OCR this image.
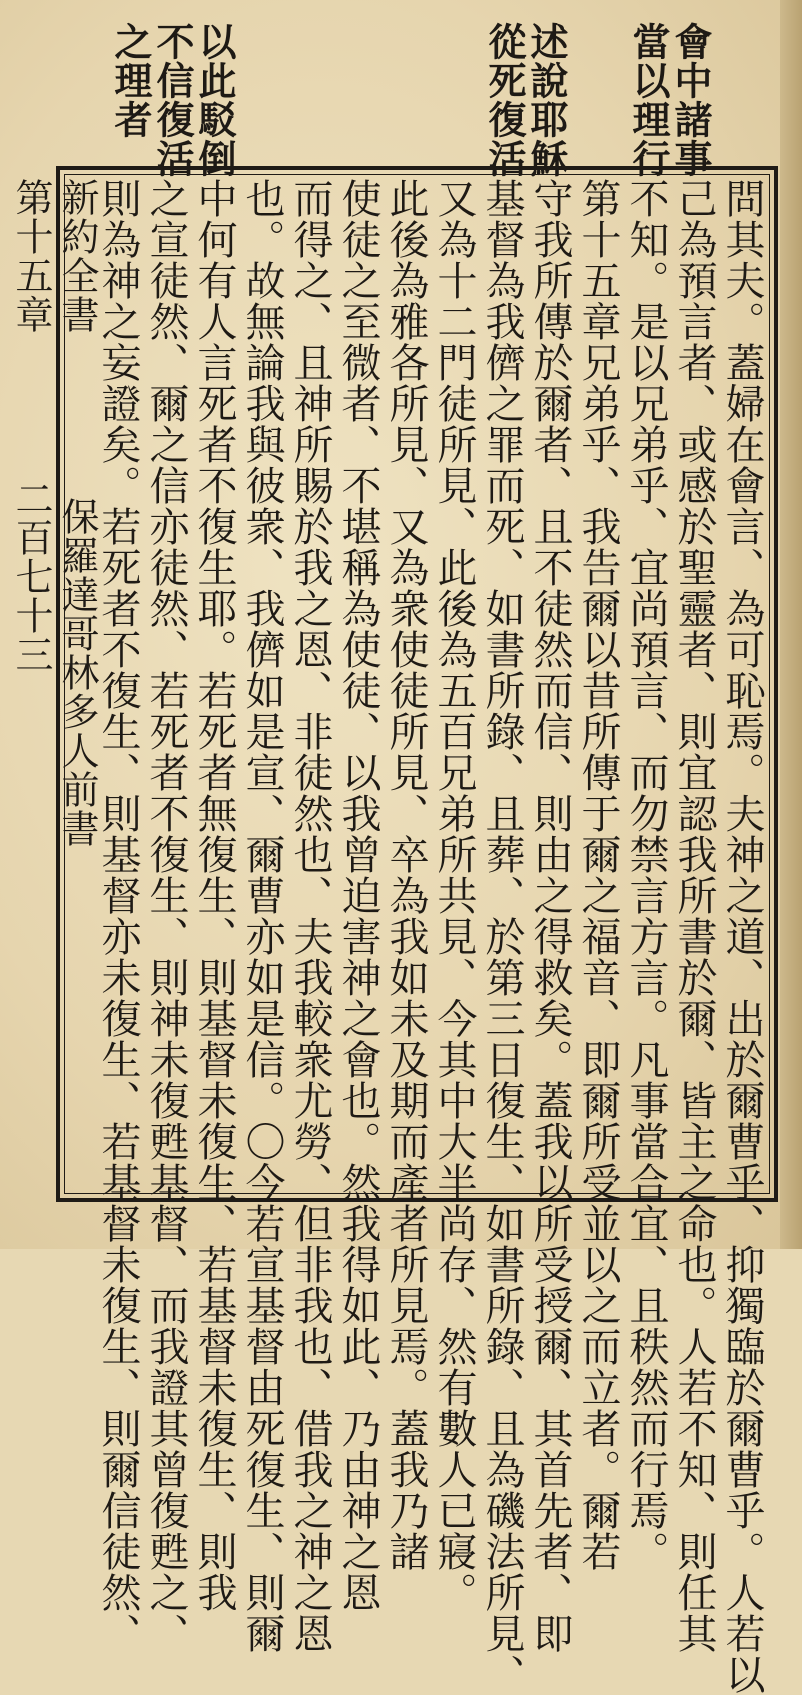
會中諸事
當以理行
述說耶穌
從死復活
以此駁倒
不信復活
之理者
問其夫。蓋婦在會言、為可恥焉。夫神之道、出於爾曹乎、抑獨臨於爾曹乎。人若以
己為預言者、或感於聖靈者、則宜認我所書於爾、皆主之命也。人若不知、則任其
不知。是以兄弟乎、宜尚預言、而勿禁言方言。凡事當合宜、且秩然而行焉。
第十五章兄弟乎、我告爾以昔所傳于爾之福音、即爾所受並以之而立者。爾若
守我所傳於爾者、且不徒然而信、則由之得救矣。蓋我以所受授爾、其首先者、即
基督為我儕之罪而死、如書所錄、且葬、於第三日復生、如書所錄、且為磯法所見、
又為十二門徒所見、此後為五百兄弟所共見、今其中大半尚存、然有數人已寢。
此後為雅各所見、又為衆使徒所見、卒為我如未及期而產者所見焉。蓋我乃諸
使徒之至微者、不堪稱為使徒、以我曾迫害神之會也。然我得如此、乃由神之恩
而得之、且神所賜於我之恩、非徒然也、夫我較衆尤勞、但非我也、借我之神之恩
也。故無論我與彼衆、我儕如是宣、爾曹亦如是信。〇今若宣基督由死復生、則爾
中何有人言死者不復生耶。若死者無復生、則基督未復生、若基督未復生、則我
之宣徒然、爾之信亦徒然、若死者不復生、則神未復甦基督、而我證其曾復甦之、
則為神之妄證矣。若死者不復生、則基督亦未復生、若基督未復生、則爾信徒然、
新約全書 保羅達哥林多人前書 第十五章 二百七十三
